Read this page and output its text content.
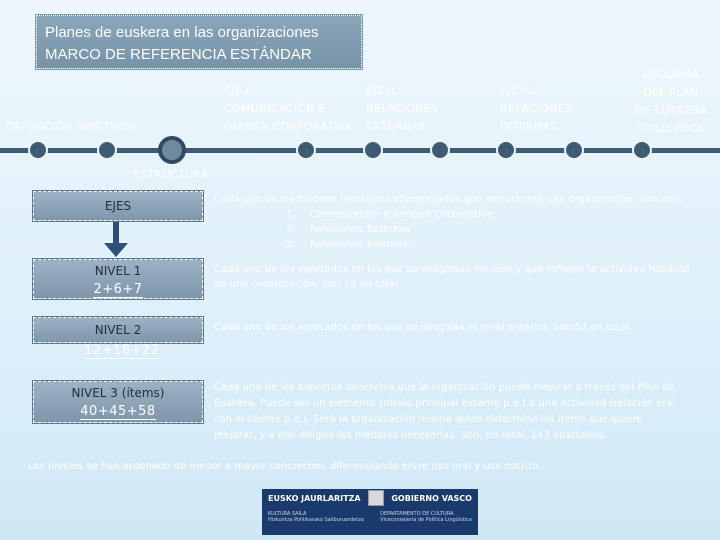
Planes de euskera en las organizaciones
MARCO DE REFERENCIA ESTÁNDAR
DEFINICIÓN OBJETIVOS
EJE I.
COMUNICACIÓN E
IMAGEN CORPORATIVA
EJE II.
RELACIONES
EXTERNAS
EJE III.
RELACIONES
INTERNAS
ESQUEMA
DEL PLAN
DE EUSKERA
CICLO PDCA
ESTRUCTURA
EJES
NIVEL 1
2+6+7
NIVEL 2
12+18+22
NIVEL 3 (ítems)
40+45+58
Cada uno de los bloques temáticos diferenciados que estructuran una organización. Son tres:
1. Comunicación e Imagen Corporativa
2. Relaciones Externas
3. Relaciones Internas.
Cada uno de los apartados en los que se desglosan los ejes y que reflejan la actividad habitual de una organización. Son 15 en total.
Cada uno de los apartados en los que se desglosa el nivel anterior. Son 52 en total.
Cada uno de los aspectos concretos que la organización puede mejorar a través del Plan de Euskera. Puede ser un elemento (rótulo principal externo p.e.) o una actividad (relación oral con el cliente p.e.). Será la organización misma quien determine los items que quiere mejorar, y a ello dirigirá las medidas necesarias. Son, en total, 143 apartados.
Los niveles se han ordenado de menor a mayor concrecion, diferenciando entre uso oral y uso escrito.
EUSKO JAURLARITZA	GOBIERNO VASCO
KULTURA SAILA
Hizkuntza Politikarako Sailburuordetza
DEPARTAMENTO DE CULTURA
Viceconsejería de Política Lingüística
